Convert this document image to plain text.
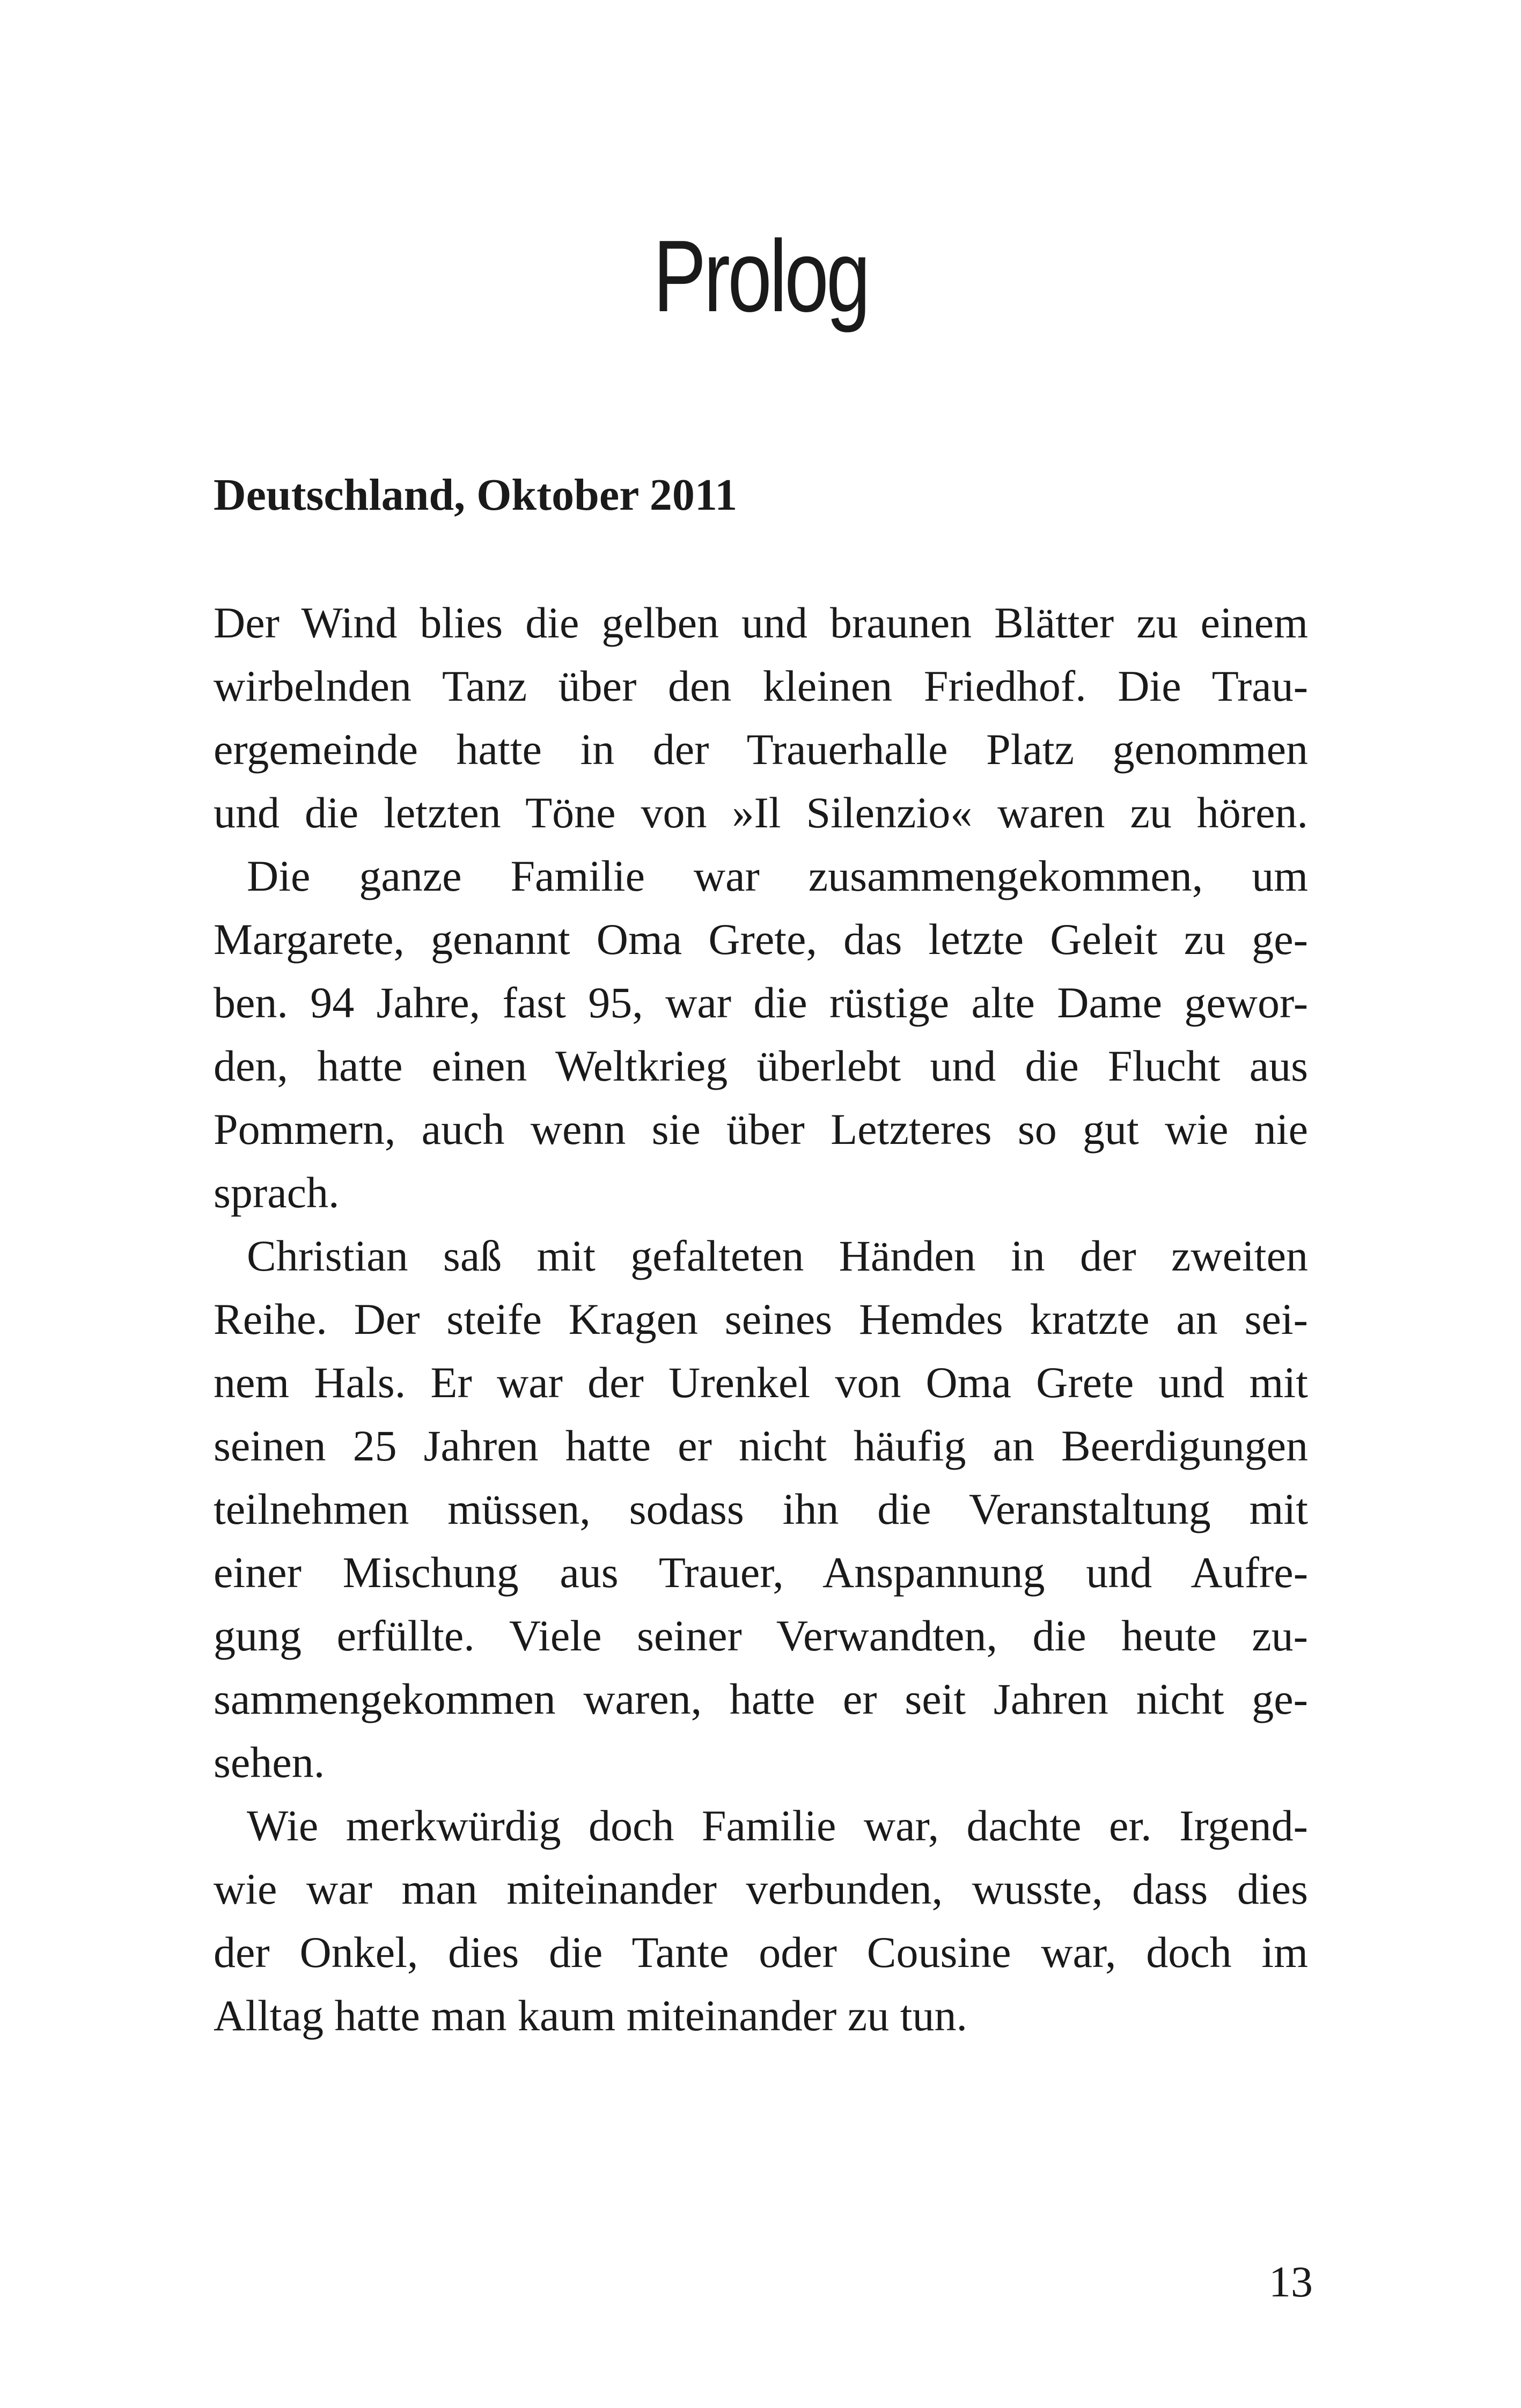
Prolog
Deutschland, Oktober 2011
Der Wind blies die gelben und braunen Blätter zu einem
wirbelnden Tanz über den kleinen Friedhof. Die Trau-
ergemeinde hatte in der Trauerhalle Platz genommen
und die letzten Töne von »Il Silenzio« waren zu hören.
Die ganze Familie war zusammengekommen, um
Margarete, genannt Oma Grete, das letzte Geleit zu ge-
ben. 94 Jahre, fast 95, war die rüstige alte Dame gewor-
den, hatte einen Weltkrieg überlebt und die Flucht aus
Pommern, auch wenn sie über Letzteres so gut wie nie
sprach.
Christian saß mit gefalteten Händen in der zweiten
Reihe. Der steife Kragen seines Hemdes kratzte an sei-
nem Hals. Er war der Urenkel von Oma Grete und mit
seinen 25 Jahren hatte er nicht häufig an Beerdigungen
teilnehmen müssen, sodass ihn die Veranstaltung mit
einer Mischung aus Trauer, Anspannung und Aufre-
gung erfüllte. Viele seiner Verwandten, die heute zu-
sammengekommen waren, hatte er seit Jahren nicht ge-
sehen.
Wie merkwürdig doch Familie war, dachte er. Irgend-
wie war man miteinander verbunden, wusste, dass dies
der Onkel, dies die Tante oder Cousine war, doch im
Alltag hatte man kaum miteinander zu tun.
13
